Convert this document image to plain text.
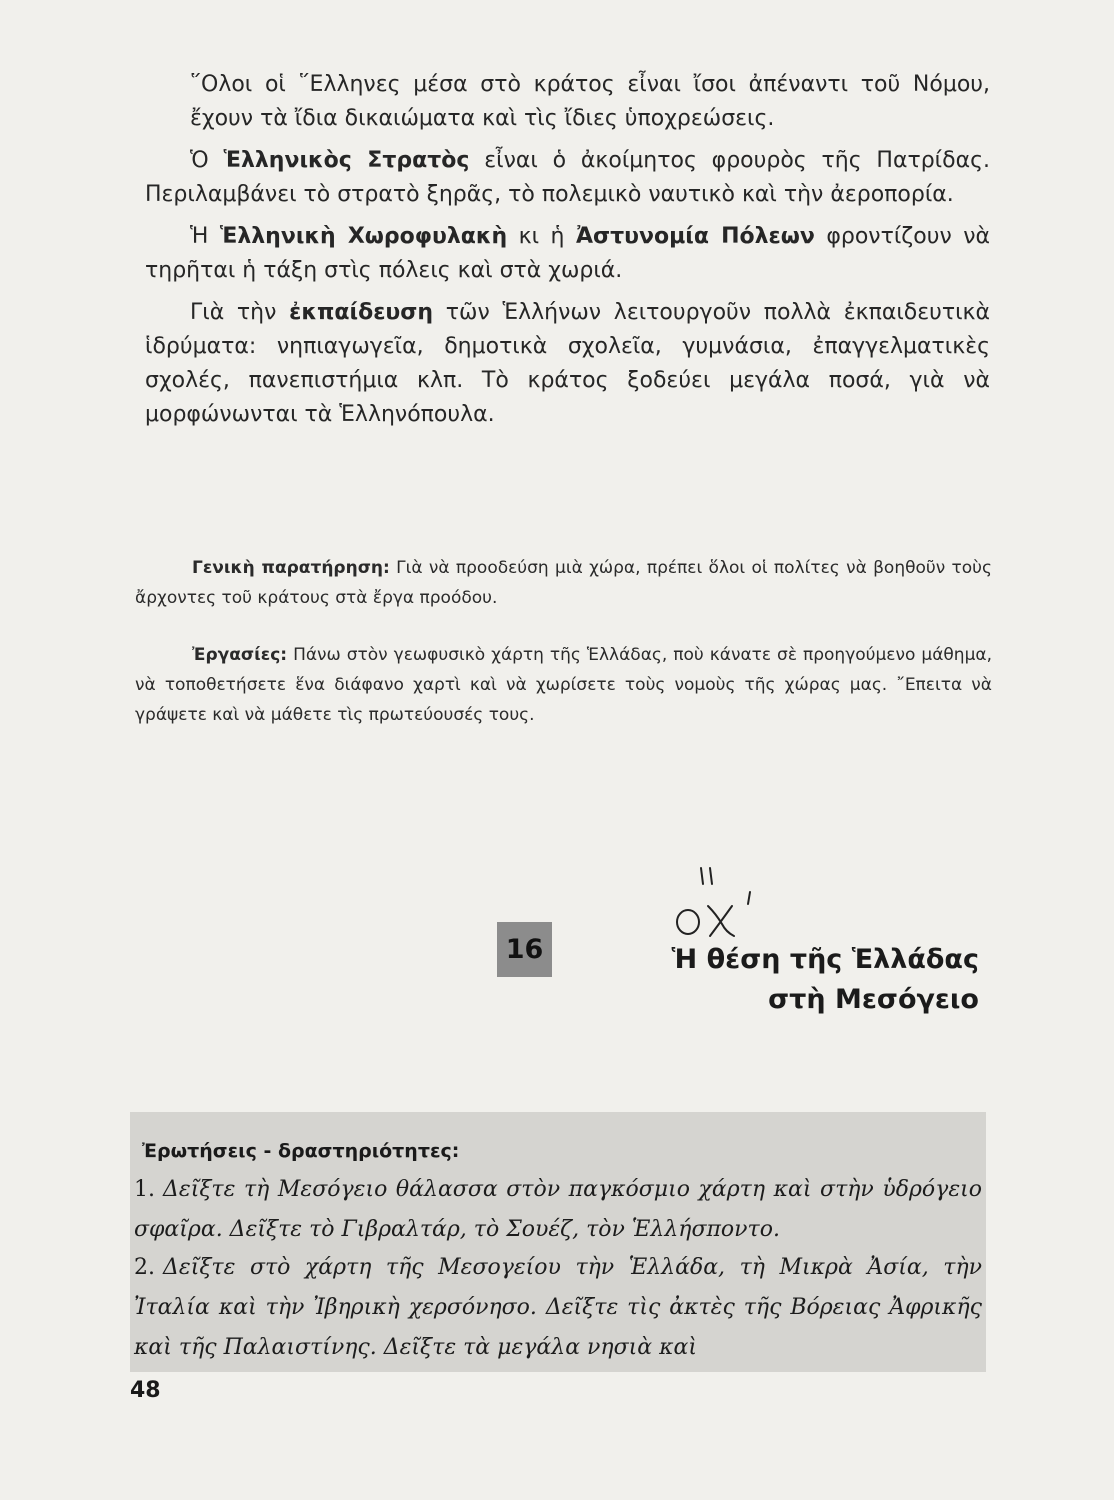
῞Ολοι οἱ ῞Ελληνες μέσα στὸ κράτος εἶναι ἴσοι ἀπέναντι τοῦ Νόμου, ἔχουν τὰ ἴδια δικαιώματα καὶ τὶς ἴδιες ὑποχρεώσεις.

Ὁ Ἑλληνικὸς Στρατὸς εἶναι ὁ ἀκοίμητος φρουρὸς τῆς Πατρίδας. Περιλαμβάνει τὸ στρατὸ ξηρᾶς, τὸ πολεμικὸ ναυτικὸ καὶ τὴν ἀεροπορία.

Ἡ Ἑλληνικὴ Χωροφυλακὴ κι ἡ Ἀστυνομία Πόλεων φροντίζουν νὰ τηρῆται ἡ τάξη στὶς πόλεις καὶ στὰ χωριά.

Γιὰ τὴν ἐκπαίδευση τῶν Ἑλλήνων λειτουργοῦν πολλὰ ἐκπαιδευτικὰ ἱδρύματα: νηπιαγωγεῖα, δημοτικὰ σχολεῖα, γυμνάσια, ἐπαγγελματικὲς σχολές, πανεπιστήμια κλπ. Τὸ κράτος ξοδεύει μεγάλα ποσά, γιὰ νὰ μορφώνωνται τὰ Ἑλληνόπουλα.

Γενικὴ παρατήρηση: Γιὰ νὰ προοδεύση μιὰ χώρα, πρέπει ὅλοι οἱ πολίτες νὰ βοηθοῦν τοὺς ἄρχοντες τοῦ κράτους στὰ ἔργα προόδου.
Ἐργασίες: Πάνω στὸν γεωφυσικὸ χάρτη τῆς Ἑλλάδας, ποὺ κάνατε σὲ προηγούμενο μάθημα, νὰ τοποθετήσετε ἕνα διάφανο χαρτὶ καὶ νὰ χωρίσετε τοὺς νομοὺς τῆς χώρας μας. ῎Επειτα νὰ γράψετε καὶ νὰ μάθετε τὶς πρωτεύουσές τους.
16	Ἡ θέση τῆς Ἑλλάδας
στὴ Μεσόγειο
Ἐρωτήσεις - δραστηριότητες:
1. Δεῖξτε τὴ Μεσόγειο θάλασσα στὸν παγκόσμιο χάρτη καὶ στὴν ὑδρόγειο σφαῖρα. Δεῖξτε τὸ Γιβραλτάρ, τὸ Σουέζ, τὸν Ἑλλήσποντο.
2. Δεῖξτε στὸ χάρτη τῆς Μεσογείου τὴν Ἑλλάδα, τὴ Μικρὰ Ἀσία, τὴν Ἰταλία καὶ τὴν Ἰβηρικὴ χερσόνησο. Δεῖξτε τὶς ἀκτὲς τῆς Βόρειας Ἀφρικῆς καὶ τῆς Παλαιστίνης. Δεῖξτε τὰ μεγάλα νησιὰ καὶ
48
